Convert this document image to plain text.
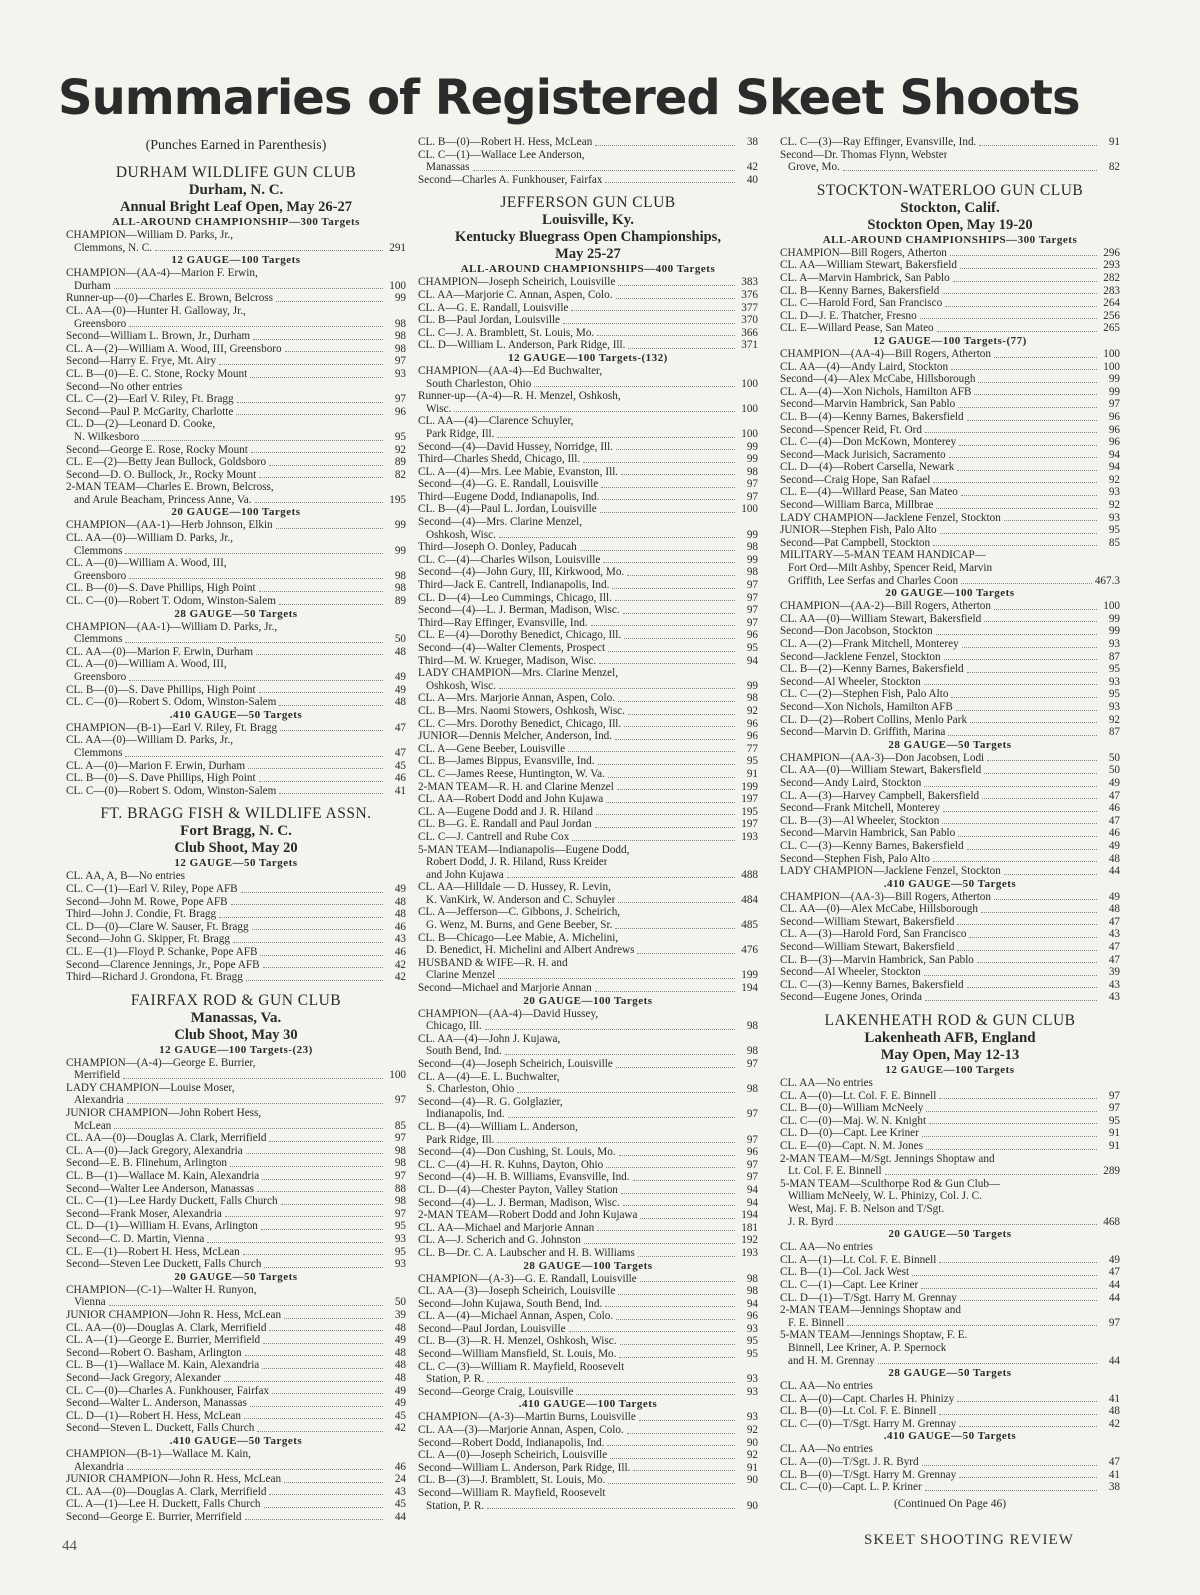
Summaries of Registered Skeet Shoots
(Punches Earned in Parenthesis)
DURHAM WILDLIFE GUN CLUB
Durham, N. C.
Annual Bright Leaf Open, May 26-27
ALL-AROUND CHAMPIONSHIP—300 Targets
CHAMPION—William D. Parks, Jr.,
Clemmons, N. C.	291
12 GAUGE—100 Targets
CHAMPION—(AA-4)—Marion F. Erwin,
Durham	100
Runner-up—(0)—Charles E. Brown, Belcross	99
CL. AA—(0)—Hunter H. Galloway, Jr.,
Greensboro	98
Second—William L. Brown, Jr., Durham	98
CL. A—(2)—William A. Wood, III, Greensboro	98
Second—Harry E. Frye, Mt. Airy	97
CL. B—(0)—E. C. Stone, Rocky Mount	93
Second—No other entries
CL. C—(2)—Earl V. Riley, Ft. Bragg	97
Second—Paul P. McGarity, Charlotte	96
CL. D—(2)—Leonard D. Cooke,
N. Wilkesboro	95
Second—George E. Rose, Rocky Mount	92
CL. E—(2)—Betty Jean Bullock, Goldsboro	89
Second—D. O. Bullock, Jr., Rocky Mount	82
2-MAN TEAM—Charles E. Brown, Belcross,
and Arule Beacham, Princess Anne, Va.	195
20 GAUGE—100 Targets
CHAMPION—(AA-1)—Herb Johnson, Elkin	99
CL. AA—(0)—William D. Parks, Jr.,
Clemmons	99
CL. A—(0)—William A. Wood, III,
Greensboro	98
CL. B—(0)—S. Dave Phillips, High Point	98
CL. C—(0)—Robert T. Odom, Winston-Salem	89
28 GAUGE—50 Targets
CHAMPION—(AA-1)—William D. Parks, Jr.,
Clemmons	50
CL. AA—(0)—Marion F. Erwin, Durham	48
CL. A—(0)—William A. Wood, III,
Greensboro	49
CL. B—(0)—S. Dave Phillips, High Point	49
CL. C—(0)—Robert S. Odom, Winston-Salem	48
.410 GAUGE—50 Targets
CHAMPION—(B-1)—Earl V. Riley, Ft. Bragg	47
CL. AA—(0)—William D. Parks, Jr.,
Clemmons	47
CL. A—(0)—Marion F. Erwin, Durham	45
CL. B—(0)—S. Dave Phillips, High Point	46
CL. C—(0)—Robert S. Odom, Winston-Salem	41
FT. BRAGG FISH & WILDLIFE ASSN.
Fort Bragg, N. C.
Club Shoot, May 20
12 GAUGE—50 Targets
CL. AA, A, B—No entries
CL. C—(1)—Earl V. Riley, Pope AFB	49
Second—John M. Rowe, Pope AFB	48
Third—John J. Condie, Ft. Bragg	48
CL. D—(0)—Clare W. Sauser, Ft. Bragg	46
Second—John G. Skipper, Ft. Bragg	43
CL. E—(1)—Floyd P. Schanke, Pope AFB	46
Second—Clarence Jennings, Jr., Pope AFB	42
Third—Richard J. Grondona, Ft. Bragg	42
FAIRFAX ROD & GUN CLUB
Manassas, Va.
Club Shoot, May 30
12 GAUGE—100 Targets-(23)
CHAMPION—(A-4)—George E. Burrier,
Merrifield	100
LADY CHAMPION—Louise Moser,
Alexandria	97
JUNIOR CHAMPION—John Robert Hess,
McLean	85
CL. AA—(0)—Douglas A. Clark, Merrifield	97
CL. A—(0)—Jack Gregory, Alexandria	98
Second—E. B. Flinehum, Arlington	98
CL. B—(1)—Wallace M. Kain, Alexandria	97
Second—Walter Lee Anderson, Manassas	88
CL. C—(1)—Lee Hardy Duckett, Falls Church	98
Second—Frank Moser, Alexandria	97
CL. D—(1)—William H. Evans, Arlington	95
Second—C. D. Martin, Vienna	93
CL. E—(1)—Robert H. Hess, McLean	95
Second—Steven Lee Duckett, Falls Church	93
20 GAUGE—50 Targets
CHAMPION—(C-1)—Walter H. Runyon,
Vienna	50
JUNIOR CHAMPION—John R. Hess, McLean	39
CL. AA—(0)—Douglas A. Clark, Merrifield	48
CL. A—(1)—George E. Burrier, Merrifield	49
Second—Robert O. Basham, Arlington	48
CL. B—(1)—Wallace M. Kain, Alexandria	48
Second—Jack Gregory, Alexander	48
CL. C—(0)—Charles A. Funkhouser, Fairfax	49
Second—Walter L. Anderson, Manassas	49
CL. D—(1)—Robert H. Hess, McLean	45
Second—Steven L. Duckett, Falls Church	42
.410 GAUGE—50 Targets
CHAMPION—(B-1)—Wallace M. Kain,
Alexandria	46
JUNIOR CHAMPION—John R. Hess, McLean	24
CL. AA—(0)—Douglas A. Clark, Merrifield	43
CL. A—(1)—Lee H. Duckett, Falls Church	45
Second—George E. Burrier, Merrifield	44
CL. B—(0)—Robert H. Hess, McLean	38
CL. C—(1)—Wallace Lee Anderson,
Manassas	42
Second—Charles A. Funkhouser, Fairfax	40
JEFFERSON GUN CLUB
Louisville, Ky.
Kentucky Bluegrass Open Championships,
May 25-27
ALL-AROUND CHAMPIONSHIPS—400 Targets
CHAMPION—Joseph Scheirich, Louisville	383
CL. AA—Marjorie C. Annan, Aspen, Colo.	376
CL. A—G. E. Randall, Louisville	377
CL. B—Paul Jordan, Louisville	370
CL. C—J. A. Bramblett, St. Louis, Mo.	366
CL. D—William L. Anderson, Park Ridge, Ill.	371
12 GAUGE—100 Targets-(132)
CHAMPION—(AA-4)—Ed Buchwalter,
South Charleston, Ohio	100
Runner-up—(A-4)—R. H. Menzel, Oshkosh,
Wisc.	100
CL. AA—(4)—Clarence Schuyler,
Park Ridge, Ill.	100
Second—(4)—David Hussey, Norridge, Ill.	99
Third—Charles Shedd, Chicago, Ill.	99
CL. A—(4)—Mrs. Lee Mabie, Evanston, Ill.	98
Second—(4)—G. E. Randall, Louisville	97
Third—Eugene Dodd, Indianapolis, Ind.	97
CL. B—(4)—Paul L. Jordan, Louisville	100
Second—(4)—Mrs. Clarine Menzel,
Oshkosh, Wisc.	99
Third—Joseph O. Donley, Paducah	98
CL. C—(4)—Charles Wilson, Louisville	99
Second—(4)—John Gury, III, Kirkwood, Mo.	98
Third—Jack E. Cantrell, Indianapolis, Ind.	97
CL. D—(4)—Leo Cummings, Chicago, Ill.	97
Second—(4)—L. J. Berman, Madison, Wisc.	97
Third—Ray Effinger, Evansville, Ind.	97
CL. E—(4)—Dorothy Benedict, Chicago, Ill.	96
Second—(4)—Walter Clements, Prospect	95
Third—M. W. Krueger, Madison, Wisc.	94
LADY CHAMPION—Mrs. Clarine Menzel,
Oshkosh, Wisc.	99
CL. A—Mrs. Marjorie Annan, Aspen, Colo.	98
CL. B—Mrs. Naomi Stowers, Oshkosh, Wisc.	92
CL. C—Mrs. Dorothy Benedict, Chicago, Ill.	96
JUNIOR—Dennis Melcher, Anderson, Ind.	96
CL. A—Gene Beeber, Louisville	77
CL. B—James Bippus, Evansville, Ind.	95
CL. C—James Reese, Huntington, W. Va.	91
2-MAN TEAM—R. H. and Clarine Menzel	199
CL. AA—Robert Dodd and John Kujawa	197
CL. A—Eugene Dodd and J. R. Hiland	195
CL. B—G. E. Randall and Paul Jordan	197
CL. C—J. Cantrell and Rube Cox	193
5-MAN TEAM—Indianapolis—Eugene Dodd,
Robert Dodd, J. R. Hiland, Russ Kreider
and John Kujawa	488
CL. AA—Hilldale — D. Hussey, R. Levin,
K. VanKirk, W. Anderson and C. Schuyler	484
CL. A—Jefferson—C. Gibbons, J. Scheirich,
G. Wenz, M. Burns, and Gene Beeber, Sr.	485
CL. B—Chicago—Lee Mabie, A. Michelini,
D. Benedict, H. Michelini and Albert Andrews	476
HUSBAND & WIFE—R. H. and
Clarine Menzel	199
Second—Michael and Marjorie Annan	194
20 GAUGE—100 Targets
CHAMPION—(AA-4)—David Hussey,
Chicago, Ill.	98
CL. AA—(4)—John J. Kujawa,
South Bend, Ind.	98
Second—(4)—Joseph Scheirich, Louisville	97
CL. A—(4)—E. L. Buchwalter,
S. Charleston, Ohio	98
Second—(4)—R. G. Golglazier,
Indianapolis, Ind.	97
CL. B—(4)—William L. Anderson,
Park Ridge, Ill.	97
Second—(4)—Don Cushing, St. Louis, Mo.	96
CL. C—(4)—H. R. Kuhns, Dayton, Ohio	97
Second—(4)—H. B. Williams, Evansville, Ind.	97
CL. D—(4)—Chester Payton, Valley Station	94
Second—(4)—L. J. Berman, Madison, Wisc.	94
2-MAN TEAM—Robert Dodd and John Kujawa	194
CL. AA—Michael and Marjorie Annan	181
CL. A—J. Scherich and G. Johnston	192
CL. B—Dr. C. A. Laubscher and H. B. Williams	193
28 GAUGE—100 Targets
CHAMPION—(A-3)—G. E. Randall, Louisville	98
CL. AA—(3)—Joseph Scheirich, Louisville	98
Second—John Kujawa, South Bend, Ind.	94
CL. A—(4)—Michael Annan, Aspen, Colo.	96
Second—Paul Jordan, Louisville	93
CL. B—(3)—R. H. Menzel, Oshkosh, Wisc.	95
Second—William Mansfield, St. Louis, Mo.	95
CL. C—(3)—William R. Mayfield, Roosevelt
Station, P. R.	93
Second—George Craig, Louisville	93
.410 GAUGE—100 Targets
CHAMPION—(A-3)—Martin Burns, Louisville	93
CL. AA—(3)—Marjorie Annan, Aspen, Colo.	92
Second—Robert Dodd, Indianapolis, Ind.	90
CL. A—(0)—Joseph Scheirich, Louisville	92
Second—William L. Anderson, Park Ridge, Ill.	91
CL. B—(3)—J. Bramblett, St. Louis, Mo.	90
Second—William R. Mayfield, Roosevelt
Station, P. R.	90
CL. C—(3)—Ray Effinger, Evansville, Ind.	91
Second—Dr. Thomas Flynn, Webster
Grove, Mo.	82
STOCKTON-WATERLOO GUN CLUB
Stockton, Calif.
Stockton Open, May 19-20
ALL-AROUND CHAMPIONSHIPS—300 Targets
CHAMPION—Bill Rogers, Atherton	296
CL. AA—William Stewart, Bakersfield	293
CL. A—Marvin Hambrick, San Pablo	282
CL. B—Kenny Barnes, Bakersfield	283
CL. C—Harold Ford, San Francisco	264
CL. D—J. E. Thatcher, Fresno	256
CL. E—Willard Pease, San Mateo	265
12 GAUGE—100 Targets-(77)
CHAMPION—(AA-4)—Bill Rogers, Atherton	100
CL. AA—(4)—Andy Laird, Stockton	100
Second—(4)—Alex McCabe, Hillsborough	99
CL. A—(4)—Xon Nichols, Hamilton AFB	99
Second—Marvin Hambrick, San Pablo	97
CL. B—(4)—Kenny Barnes, Bakersfield	96
Second—Spencer Reid, Ft. Ord	96
CL. C—(4)—Don McKown, Monterey	96
Second—Mack Jurisich, Sacramento	94
CL. D—(4)—Robert Carsella, Newark	94
Second—Craig Hope, San Rafael	92
CL. E—(4)—Willard Pease, San Mateo	93
Second—William Barca, Millbrae	92
LADY CHAMPION—Jacklene Fenzel, Stockton	93
JUNIOR—Stephen Fish, Palo Alto	95
Second—Pat Campbell, Stockton	85
MILITARY—5-MAN TEAM HANDICAP—
Fort Ord—Milt Ashby, Spencer Reid, Marvin
Griffith, Lee Serfas and Charles Coon	467.3
20 GAUGE—100 Targets
CHAMPION—(AA-2)—Bill Rogers, Atherton	100
CL. AA—(0)—William Stewart, Bakersfield	99
Second—Don Jacobson, Stockton	99
CL. A—(2)—Frank Mitchell, Monterey	93
Second—Jacklene Fenzel, Stockton	87
CL. B—(2)—Kenny Barnes, Bakersfield	95
Second—Al Wheeler, Stockton	93
CL. C—(2)—Stephen Fish, Palo Alto	95
Second—Xon Nichols, Hamilton AFB	93
CL. D—(2)—Robert Collins, Menlo Park	92
Second—Marvin D. Griffith, Marina	87
28 GAUGE—50 Targets
CHAMPION—(AA-3)—Don Jacobsen, Lodi	50
CL. AA—(0)—William Stewart, Bakersfield	50
Second—Andy Laird, Stockton	49
CL. A—(3)—Harvey Campbell, Bakersfield	47
Second—Frank Mitchell, Monterey	46
CL. B—(3)—Al Wheeler, Stockton	47
Second—Marvin Hambrick, San Pablo	46
CL. C—(3)—Kenny Barnes, Bakersfield	49
Second—Stephen Fish, Palo Alto	48
LADY CHAMPION—Jacklene Fenzel, Stockton	44
.410 GAUGE—50 Targets
CHAMPION—(AA-3)—Bill Rogers, Atherton	49
CL. AA—(0)—Alex McCabe, Hillsborough	48
Second—William Stewart, Bakersfield	47
CL. A—(3)—Harold Ford, San Francisco	43
Second—William Stewart, Bakersfield	47
CL. B—(3)—Marvin Hambrick, San Pablo	47
Second—Al Wheeler, Stockton	39
CL. C—(3)—Kenny Barnes, Bakersfield	43
Second—Eugene Jones, Orinda	43
LAKENHEATH ROD & GUN CLUB
Lakenheath AFB, England
May Open, May 12-13
12 GAUGE—100 Targets
CL. AA—No entries
CL. A—(0)—Lt. Col. F. E. Binnell	97
CL. B—(0)—William McNeely	97
CL. C—(0)—Maj. W. N. Knight	95
CL. D—(0)—Capt. Lee Kriner	91
CL. E—(0)—Capt. N. M. Jones	91
2-MAN TEAM—M/Sgt. Jennings Shoptaw and
Lt. Col. F. E. Binnell	289
5-MAN TEAM—Sculthorpe Rod & Gun Club—
William McNeely, W. L. Phinizy, Col. J. C.
West, Maj. F. B. Nelson and T/Sgt.
J. R. Byrd	468
20 GAUGE—50 Targets
CL. AA—No entries
CL. A—(1)—Lt. Col. F. E. Binnell	49
CL. B—(1)—Col. Jack West	47
CL. C—(1)—Capt. Lee Kriner	44
CL. D—(1)—T/Sgt. Harry M. Grennay	44
2-MAN TEAM—Jennings Shoptaw and
F. E. Binnell	97
5-MAN TEAM—Jennings Shoptaw, F. E.
Binnell, Lee Kriner, A. P. Spernock
and H. M. Grennay	44
28 GAUGE—50 Targets
CL. AA—No entries
CL. A—(0)—Capt. Charles H. Phinizy	41
CL. B—(0)—Lt. Col. F. E. Binnell	48
CL. C—(0)—T/Sgt. Harry M. Grennay	42
.410 GAUGE—50 Targets
CL. AA—No entries
CL. A—(0)—T/Sgt. J. R. Byrd	47
CL. B—(0)—T/Sgt. Harry M. Grennay	41
CL. C—(0)—Capt. L. P. Kriner	38
(Continued On Page 46)
44	SKEET SHOOTING REVIEW
